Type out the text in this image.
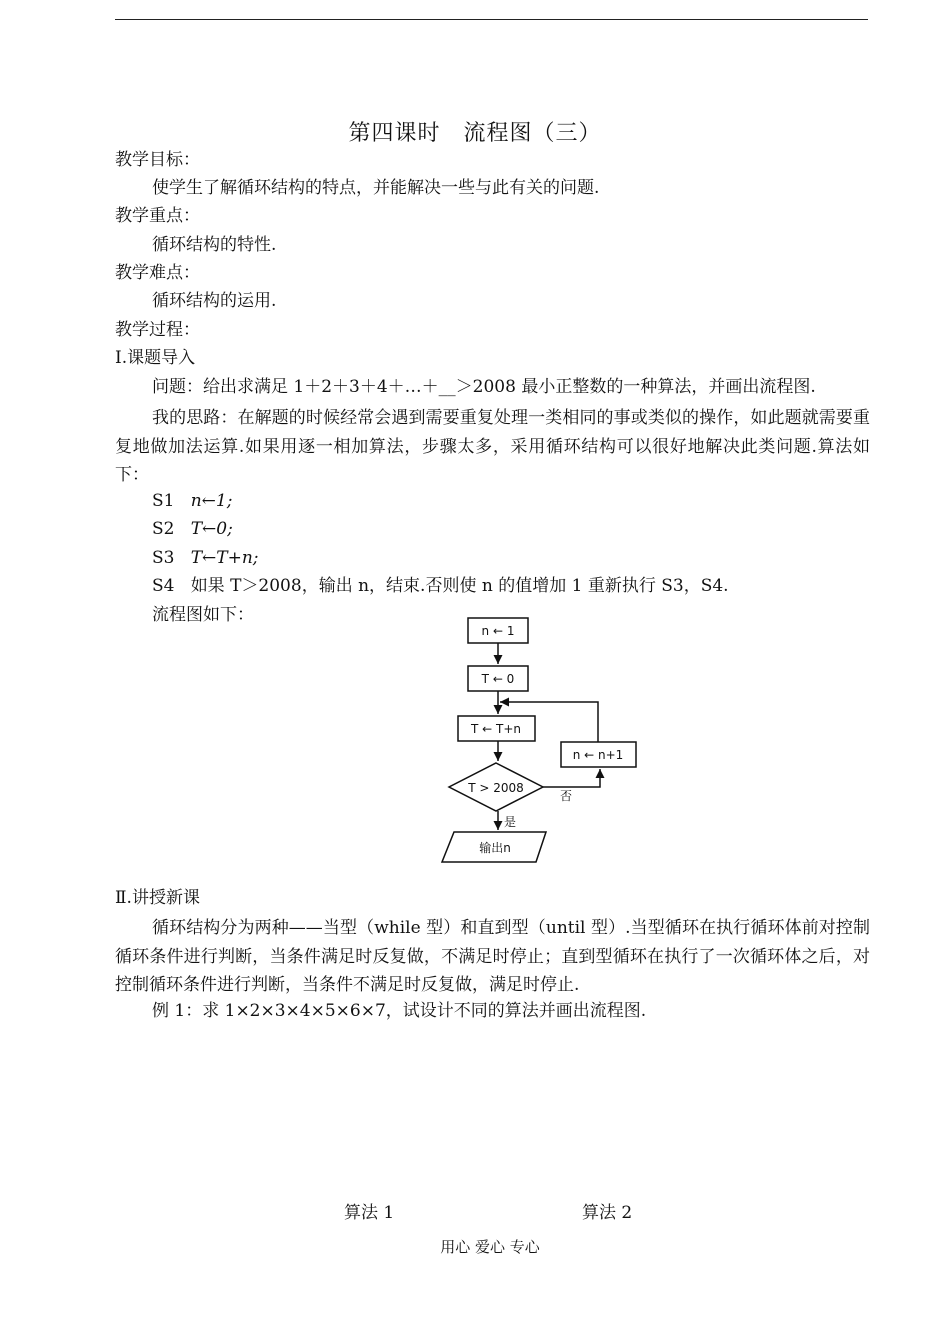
第四课时　流程图（三）
教学目标：
使学生了解循环结构的特点，并能解决一些与此有关的问题.
教学重点：
循环结构的特性.
教学难点：
循环结构的运用.
教学过程：
Ⅰ.课题导入
问题：给出求满足 1＋2＋3＋4＋…＋__＞2008 最小正整数的一种算法，并画出流程图.
我的思路：在解题的时候经常会遇到需要重复处理一类相同的事或类似的操作，如此题就需要重复地做加法运算.如果用逐一相加算法，步骤太多，采用循环结构可以很好地解决此类问题.算法如下：
S1 n←1;
S2 T←0;
S3 T←T+n;
S4 如果 T＞2008，输出 n，结束.否则使 n 的值增加 1 重新执行 S3，S4.
流程图如下：
n ← 1
T ← 0
T ← T+n
n ← n+1
T > 2008
输出n
是
否
Ⅱ.讲授新课
循环结构分为两种——当型（while 型）和直到型（until 型）.当型循环在执行循环体前对控制循环条件进行判断，当条件满足时反复做，不满足时停止；直到型循环在执行了一次循环体之后，对控制循环条件进行判断，当条件不满足时反复做，满足时停止.
例 1：求 1×2×3×4×5×6×7，试设计不同的算法并画出流程图.
算法 1	算法 2
用心 爱心 专心
